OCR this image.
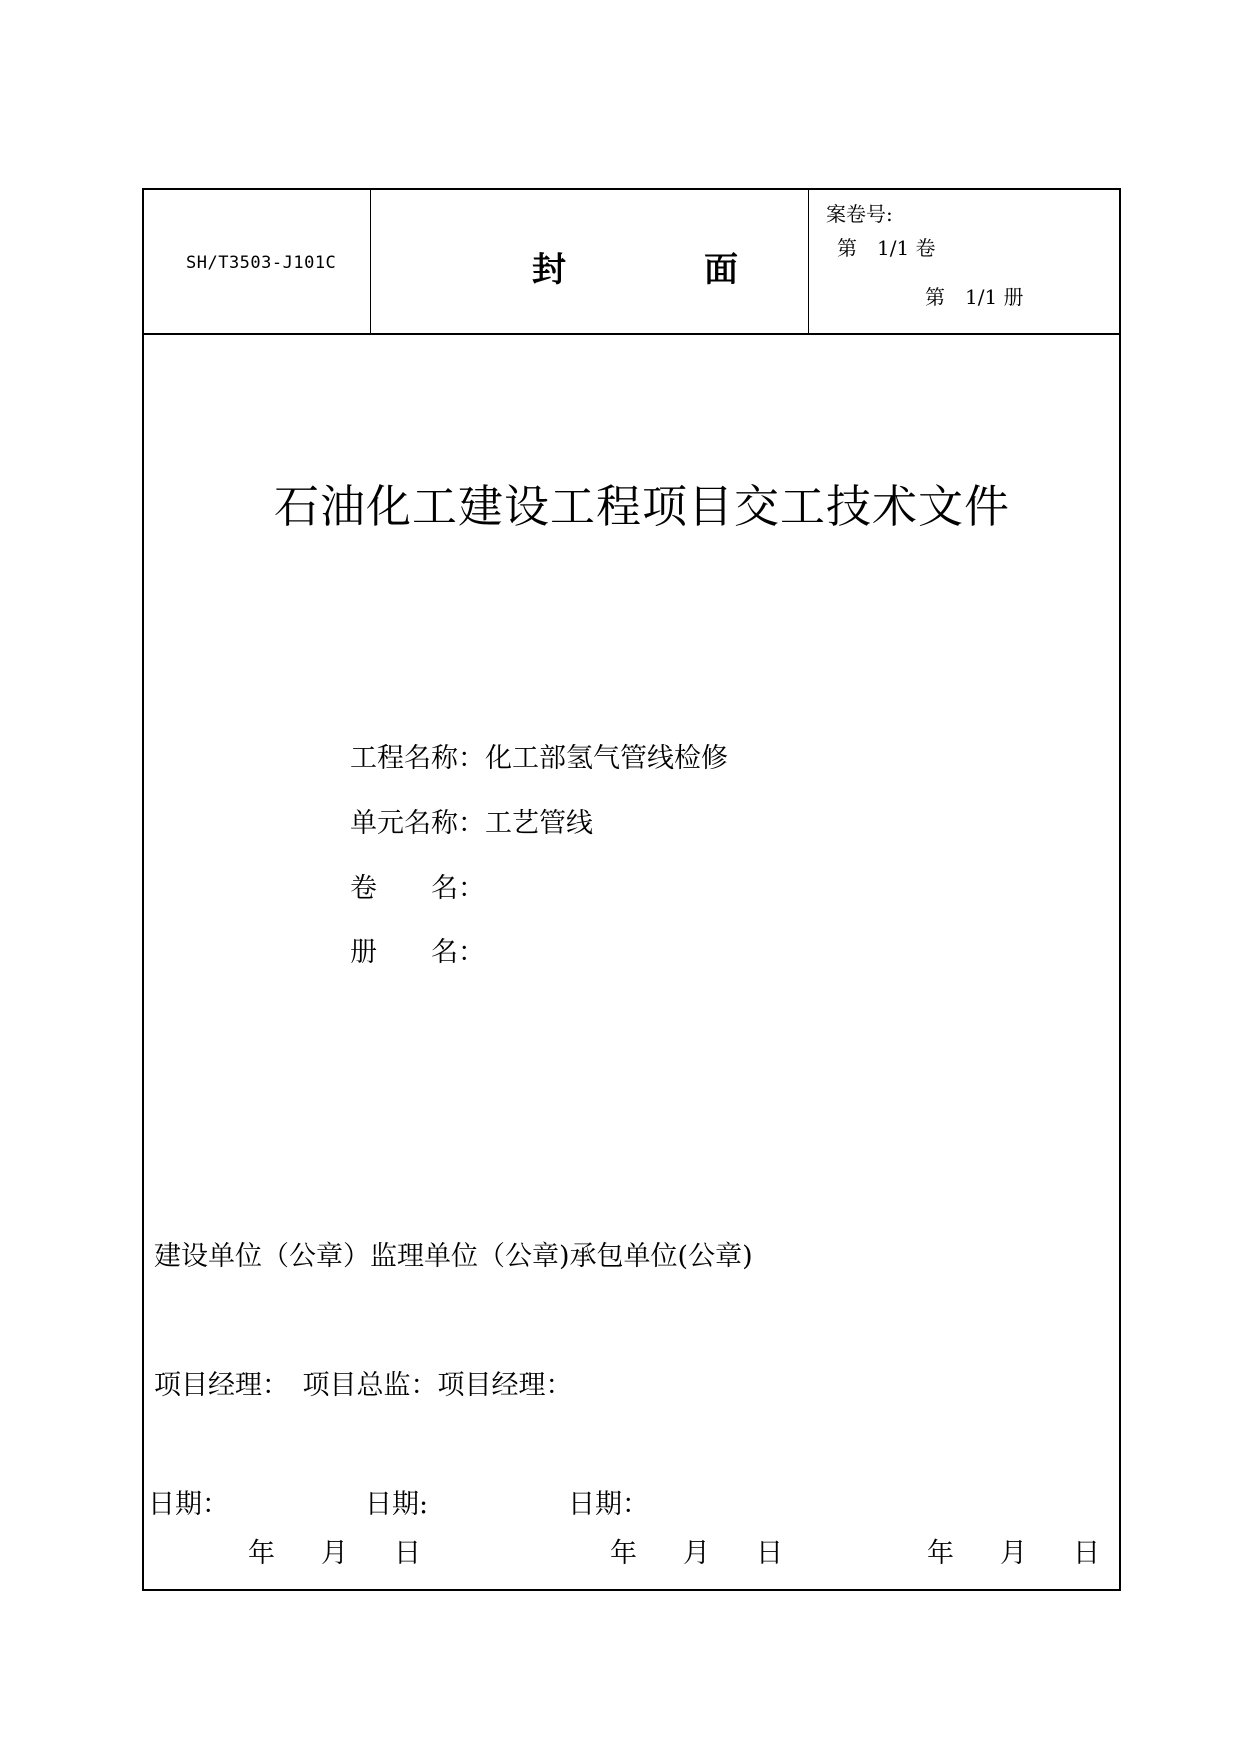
SH/T3503-J101C	封　面
案卷号:
第　1/1 卷
第　1/1 册
石油化工建设工程项目交工技术文件
工程名称：化工部氢气管线检修
单元名称：工艺管线
卷　　名：
册　　名：
建设单位（公章）监理单位（公章)承包单位(公章)
项目经理：　项目总监：项目经理：
日期：	日期:	日期：
年 月 日	年 月 日	年 月 日
